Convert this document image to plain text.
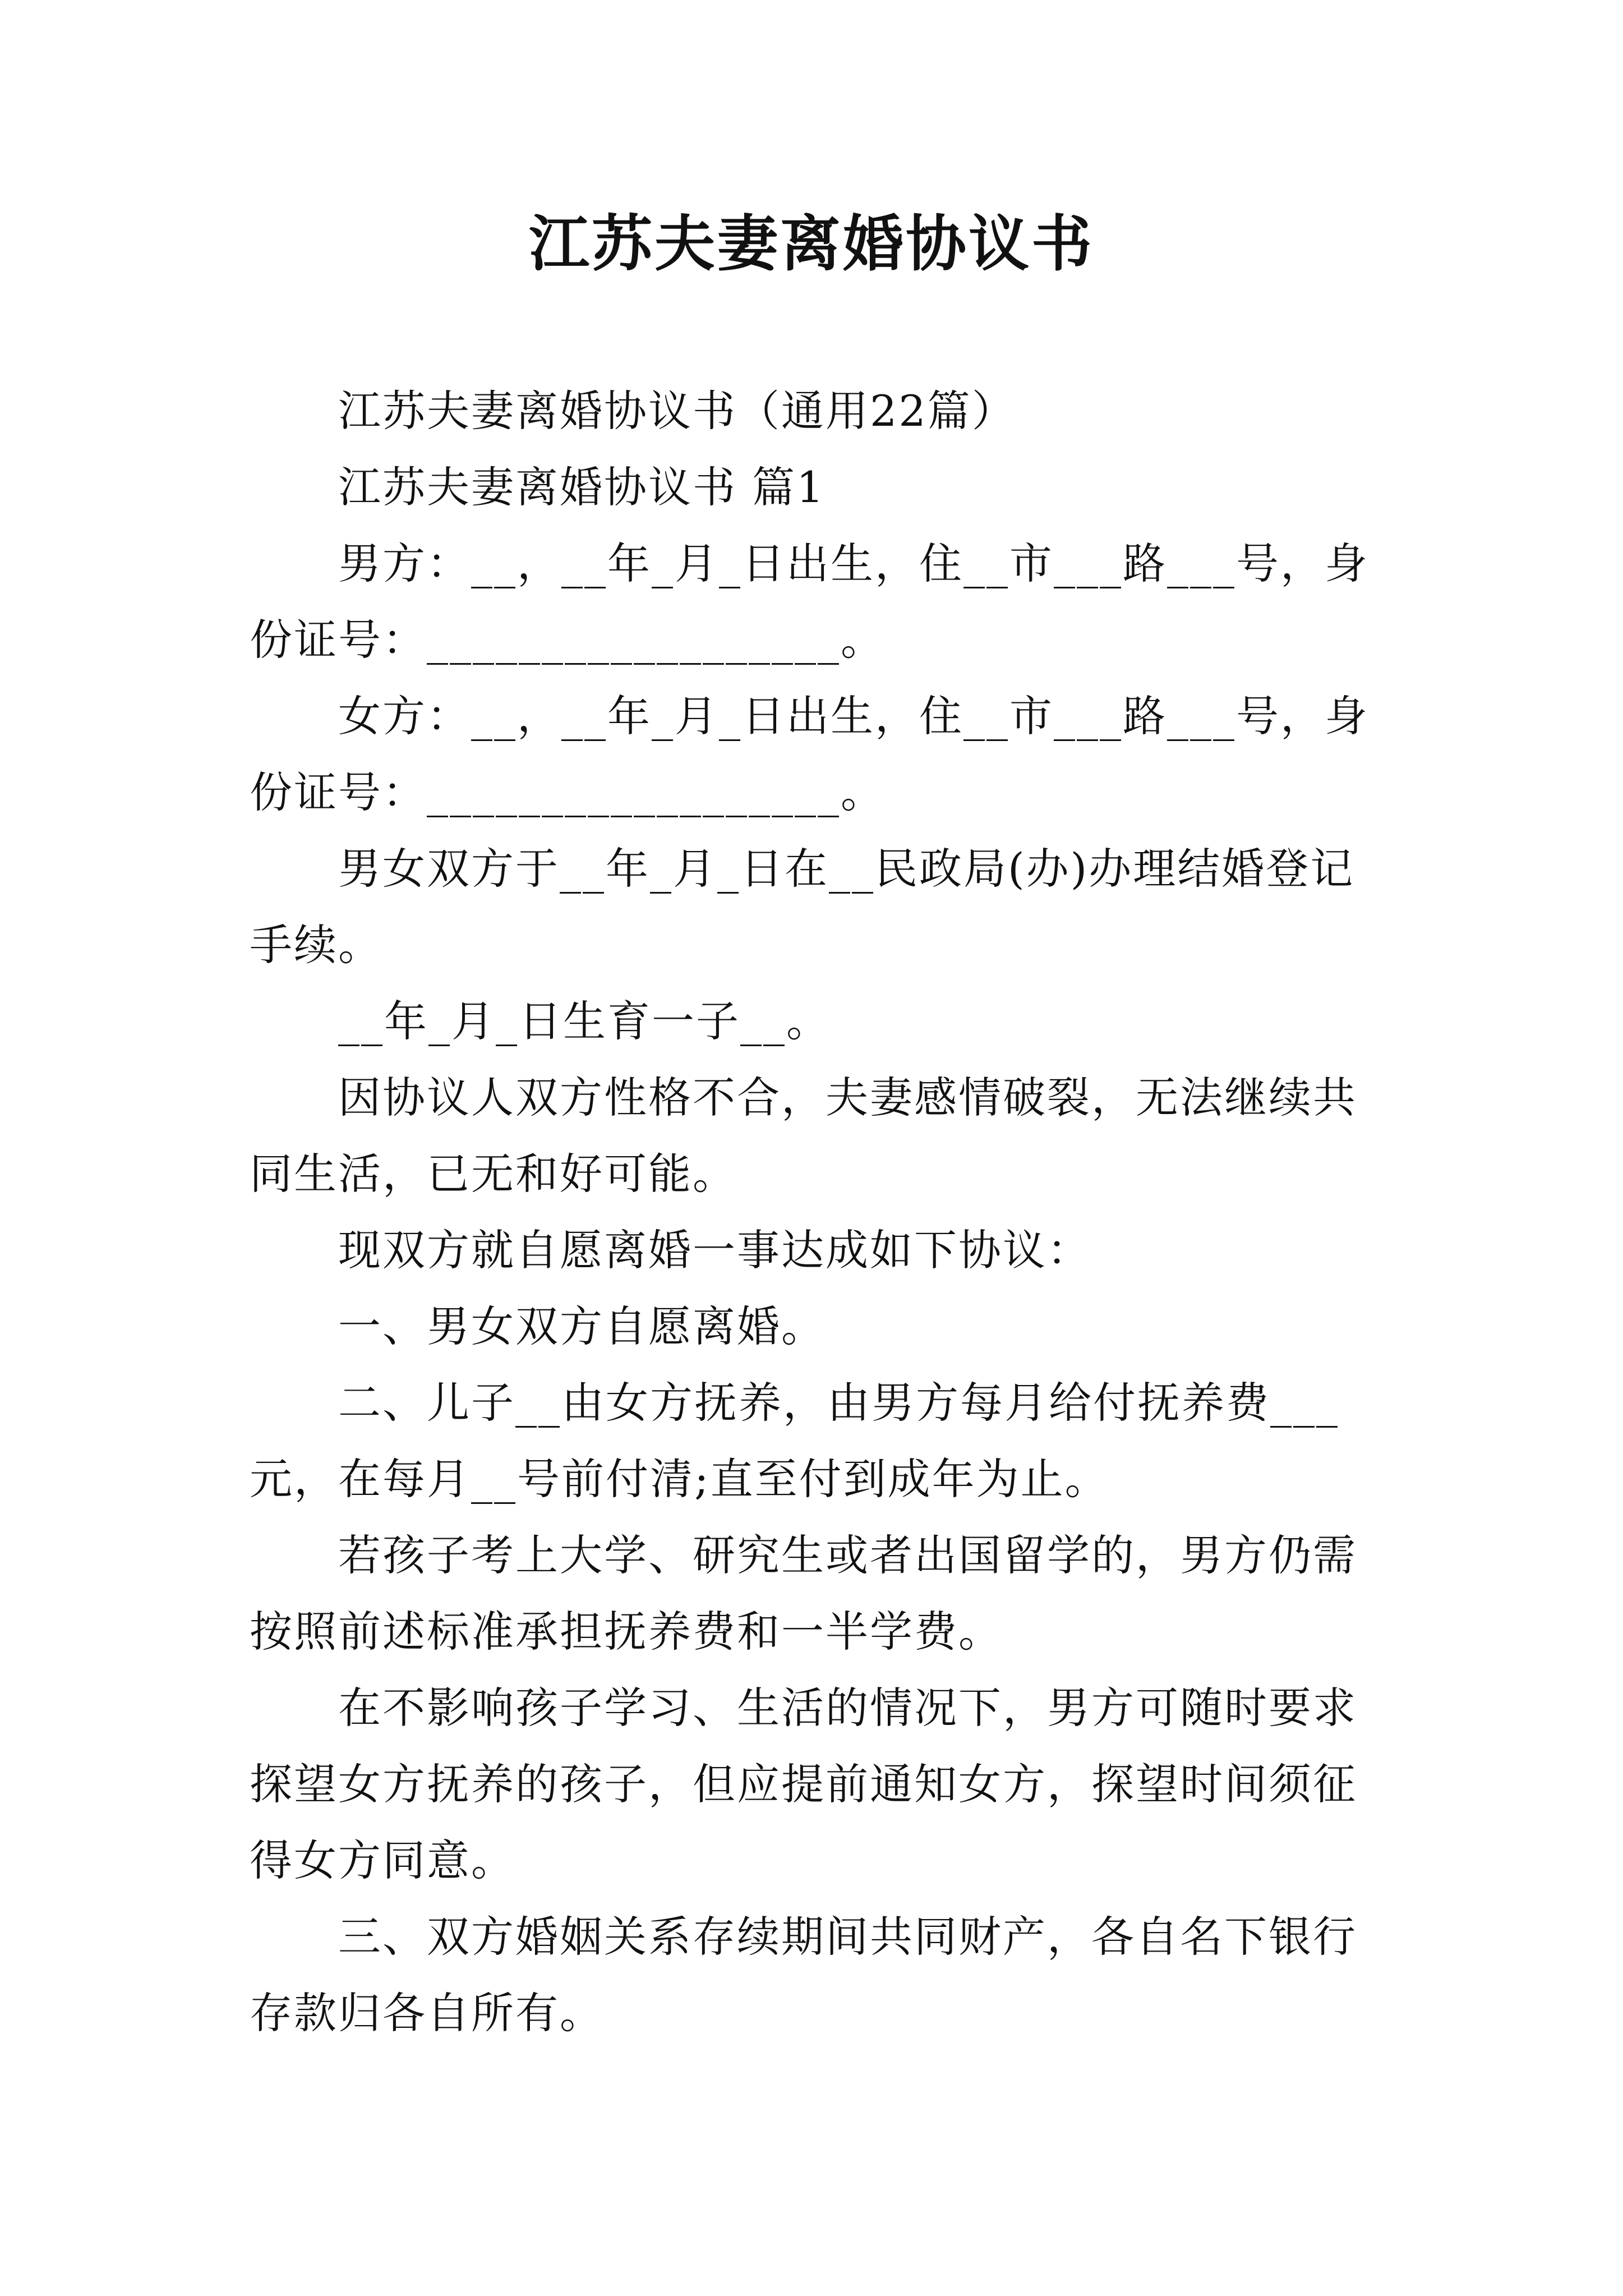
江苏夫妻离婚协议书

江苏夫妻离婚协议书（通用22篇）

江苏夫妻离婚协议书 篇1

男方：__，__年_月_日出生，住__市___路___号，身份证号：__________________。

女方：__，__年_月_日出生，住__市___路___号，身份证号：__________________。

男女双方于__年_月_日在__民政局(办)办理结婚登记手续。

__年_月_日生育一子__。

因协议人双方性格不合，夫妻感情破裂，无法继续共同生活，已无和好可能。

现双方就自愿离婚一事达成如下协议：

一、男女双方自愿离婚。

二、儿子__由女方抚养，由男方每月给付抚养费___元，在每月__号前付清;直至付到成年为止。

若孩子考上大学、研究生或者出国留学的，男方仍需按照前述标准承担抚养费和一半学费。

在不影响孩子学习、生活的情况下，男方可随时要求探望女方抚养的孩子，但应提前通知女方，探望时间须征得女方同意。

三、双方婚姻关系存续期间共同财产，各自名下银行存款归各自所有。
